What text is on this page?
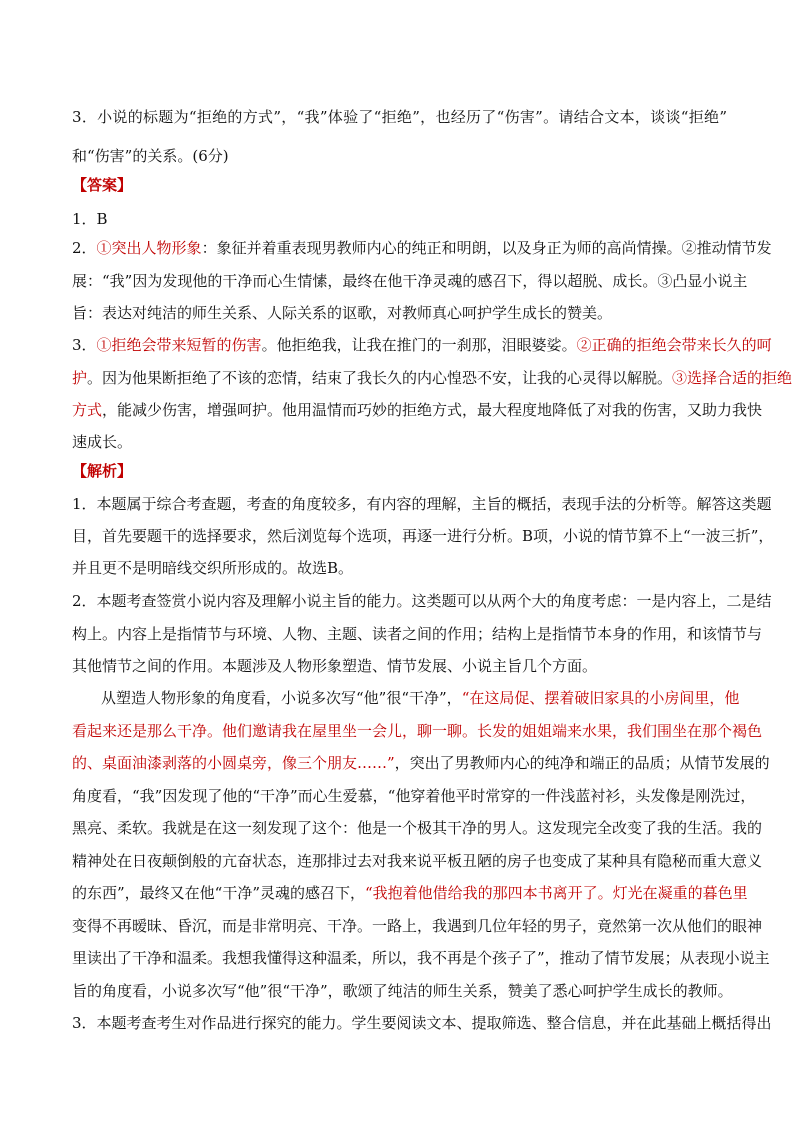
3．小说的标题为“拒绝的方式”，“我”体验了“拒绝”，也经历了“伤害”。请结合文本，谈谈“拒绝”
和“伤害”的关系。(6分)
【答案】
1．B
2．①突出人物形象：象征并着重表现男教师内心的纯正和明朗，以及身正为师的高尚情操。②推动情节发
展：“我”因为发现他的干净而心生情愫，最终在他干净灵魂的感召下，得以超脱、成长。③凸显小说主
旨：表达对纯洁的师生关系、人际关系的讴歌，对教师真心呵护学生成长的赞美。
3．①拒绝会带来短暂的伤害。他拒绝我，让我在推门的一刹那，泪眼婆娑。②正确的拒绝会带来长久的呵
护。因为他果断拒绝了不该的恋情，结束了我长久的内心惶恐不安，让我的心灵得以解脱。③选择合适的拒绝
方式，能减少伤害，增强呵护。他用温情而巧妙的拒绝方式，最大程度地降低了对我的伤害，又助力我快
速成长。
【解析】
1．本题属于综合考查题，考查的角度较多，有内容的理解，主旨的概括，表现手法的分析等。解答这类题
目，首先要题干的选择要求，然后浏览每个选项，再逐一进行分析。B项，小说的情节算不上“一波三折”，
并且更不是明暗线交织所形成的。故选B。
2．本题考查签赏小说内容及理解小说主旨的能力。这类题可以从两个大的角度考虑：一是内容上，二是结
构上。内容上是指情节与环境、人物、主题、读者之间的作用；结构上是指情节本身的作用，和该情节与
其他情节之间的作用。本题涉及人物形象塑造、情节发展、小说主旨几个方面。
从塑造人物形象的角度看，小说多次写“他”很“干净”，“在这局促、摆着破旧家具的小房间里，他
看起来还是那么干净。他们邀请我在屋里坐一会儿，聊一聊。长发的姐姐端来水果，我们围坐在那个褐色
的、桌面油漆剥落的小圆桌旁，像三个朋友……”，突出了男教师内心的纯净和端正的品质；从情节发展的
角度看，“我”因发现了他的“干净”而心生爱慕，“他穿着他平时常穿的一件浅蓝衬衫，头发像是刚洗过，
黑亮、柔软。我就是在这一刻发现了这个：他是一个极其干净的男人。这发现完全改变了我的生活。我的
精神处在日夜颠倒般的亢奋状态，连那排过去对我来说平板丑陋的房子也变成了某种具有隐秘而重大意义
的东西”，最终又在他“干净”灵魂的感召下，“我抱着他借给我的那四本书离开了。灯光在凝重的暮色里
变得不再暧昧、昏沉，而是非常明亮、干净。一路上，我遇到几位年轻的男子，竟然第一次从他们的眼神
里读出了干净和温柔。我想我懂得这种温柔，所以，我不再是个孩子了”，推动了情节发展；从表现小说主
旨的角度看，小说多次写“他”很“干净”，歌颂了纯洁的师生关系，赞美了悉心呵护学生成长的教师。
3．本题考查考生对作品进行探究的能力。学生要阅读文本、提取筛选、整合信息，并在此基础上概括得出
